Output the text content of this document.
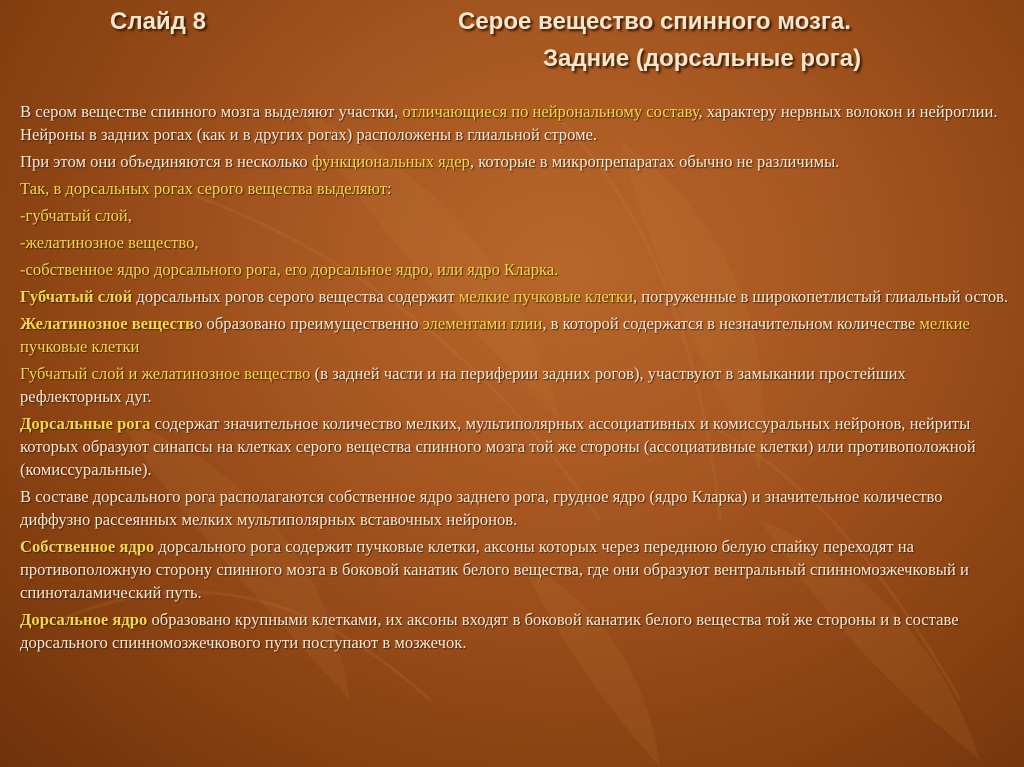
Слайд 8	Серое вещество спинного мозга.
Задние (дорсальные рога)

В сером веществе спинного мозга выделяют участки, отличающиеся по нейрональному составу, характеру нервных волокон и нейроглии. Нейроны в задних рогах (как и в других рогах) расположены в глиальной строме.

При этом они объединяются в несколько функциональных ядер, которые в микропрепаратах обычно не различимы.

Так, в дорсальных рогах серого вещества выделяют:

-губчатый слой,

-желатинозное вещество,

-собственное ядро дорсального рога, его дорсальное ядро, или ядро Кларка.

Губчатый слой дорсальных рогов серого вещества содержит мелкие пучковые клетки, погруженные в широкопетлистый глиальный остов.

Желатинозное вещество образовано преимущественно элементами глии, в которой содержатся в незначительном количестве мелкие пучковые клетки

Губчатый слой и желатинозное вещество (в задней части и на периферии задних рогов), участвуют в замыкании простейших рефлекторных дуг.

Дорсальные рога содержат значительное количество мелких, мультиполярных ассоциативных и комиссуральных нейронов, нейриты которых образуют синапсы на клетках серого вещества спинного мозга той же стороны (ассоциативные клетки) или противоположной (комиссуральные).

В составе дорсального рога располагаются собственное ядро заднего рога, грудное ядро (ядро Кларка) и значительное количество диффузно рассеянных мелких мультиполярных вставочных нейронов.

Собственное ядро дорсального рога содержит пучковые клетки, аксоны которых через переднюю белую спайку переходят на противоположную сторону спинного мозга в боковой канатик белого вещества, где они образуют вентральный спинномозжечковый и спиноталамический путь.

Дорсальное ядро образовано крупными клетками, их аксоны входят в боковой канатик белого вещества той же стороны и в составе дорсального спинномозжечкового пути поступают в мозжечок.
